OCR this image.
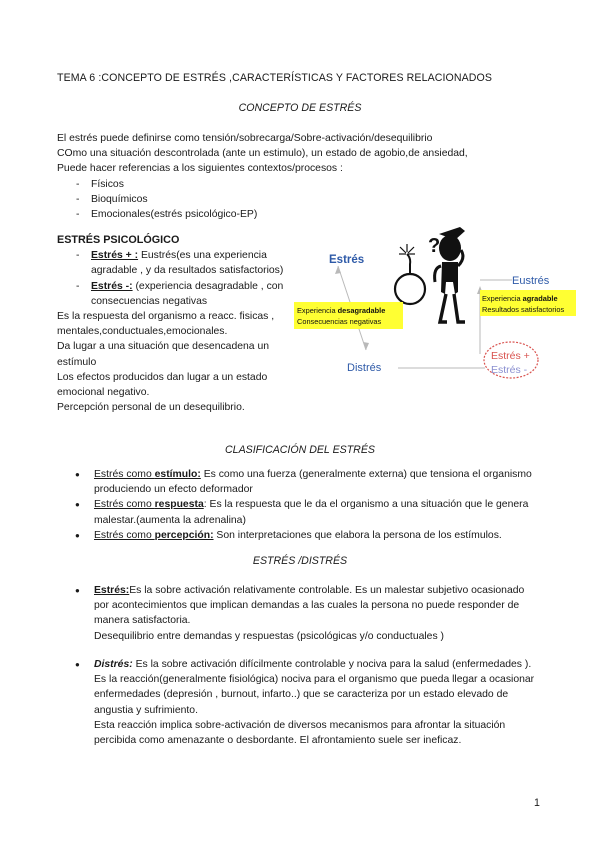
TEMA 6 :CONCEPTO DE ESTRÉS ,CARACTERÍSTICAS Y FACTORES RELACIONADOS
CONCEPTO DE ESTRÉS

El estrés puede definirse como tensión/sobrecarga/Sobre-activación/desequilibrio

COmo una situación descontrolada (ante un estimulo), un estado de agobio,de ansiedad,

Puede hacer referencias a los siguientes contextos/procesos :

- Físicos
- Bioquímicos
- Emocionales(estrés psicológico-EP)
ESTRÉS PSICOLÓGICO
- Estrés + : Eustrés(es una experiencia agradable , y da resultados satisfactorios)
- Estrés -: (experiencia desagradable , con consecuencias negativas

Es la respuesta del organismo a reacc. fisicas , mentales,conductuales,emocionales.

Da lugar a una situación que desencadena un estímulo

Los efectos producidos dan lugar a un estado emocional negativo.

Percepción personal de un desequilibrio.

?
Estrés
Eustrés
Distrés
Experiencia desagradable
Consecuencias negativas
Experiencia agradable
Resultados satisfactorios
Estrés +
Estrés -
CLASIFICACIÓN DEL ESTRÉS
● Estrés como estímulo: Es como una fuerza (generalmente externa) que tensiona el organismo produciendo un efecto deformador
● Estrés como respuesta: Es la respuesta que le da el organismo a una situación que le genera malestar.(aumenta la adrenalina)
● Estrés como percepción: Son interpretaciones que elabora la persona de los estímulos.
ESTRÉS /DISTRÉS
● Estrés:Es la sobre activación relativamente controlable. Es un malestar subjetivo ocasionado por acontecimientos que implican demandas a las cuales la persona no puede responder de manera satisfactoria.
Desequilibrio entre demandas y respuestas (psicológicas y/o conductuales )
● Distrés: Es la sobre activación difícilmente controlable y nociva para la salud (enfermedades ). Es la reacción(generalmente fisiológica) nociva para el organismo que pueda llegar a ocasionar enfermedades (depresión , burnout, infarto..) que se caracteriza por un estado elevado de angustia y sufrimiento.
Esta reacción implica sobre-activación de diversos mecanismos para afrontar la situación percibida como amenazante o desbordante. El afrontamiento suele ser ineficaz.
1
